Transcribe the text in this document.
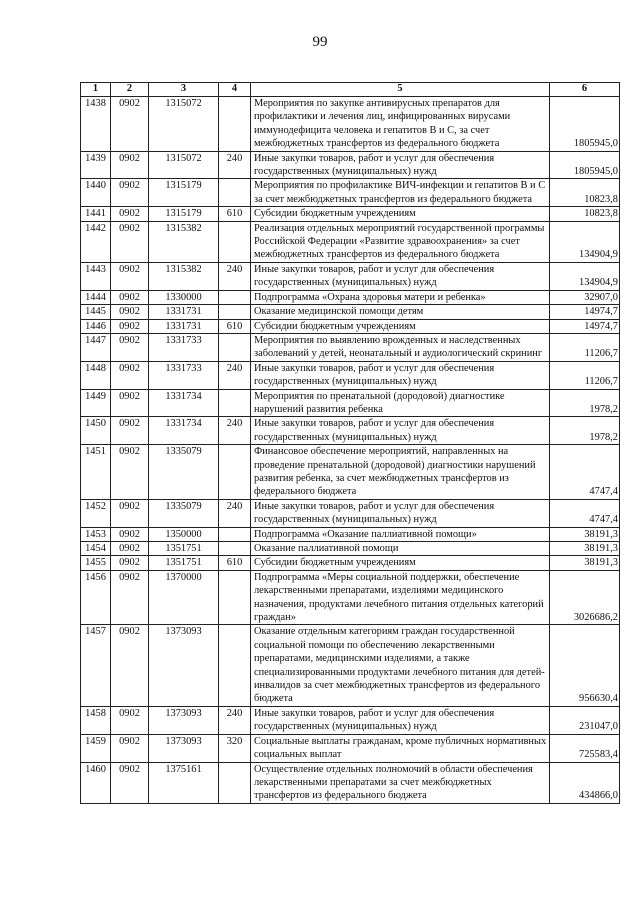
99
1	2	3	4	5	6
1438	0902	1315072		Мероприятия по закупке антивирусных препаратов для профилактики и лечения лиц, инфицированных вирусами иммунодефицита человека и гепатитов В и С, за счет межбюджетных трансфертов из федерального бюджета	1805945,0
1439	0902	1315072	240	Иные закупки товаров, работ и услуг для обеспечения государственных (муниципальных) нужд	1805945,0
1440	0902	1315179		Мероприятия по профилактике ВИЧ-инфекции и гепатитов В и С за счет межбюджетных трансфертов из федерального бюджета	10823,8
1441	0902	1315179	610	Субсидии бюджетным учреждениям	10823,8
1442	0902	1315382		Реализация отдельных мероприятий государственной программы Российской Федерации «Развитие здравоохранения» за счет межбюджетных трансфертов из федерального бюджета	134904,9
1443	0902	1315382	240	Иные закупки товаров, работ и услуг для обеспечения государственных (муниципальных) нужд	134904,9
1444	0902	1330000		Подпрограмма «Охрана здоровья матери и ребенка»	32907,0
1445	0902	1331731		Оказание медицинской помощи детям	14974,7
1446	0902	1331731	610	Субсидии бюджетным учреждениям	14974,7
1447	0902	1331733		Мероприятия по выявлению врожденных и наследственных заболеваний у детей, неонатальный и аудиологический скрининг	11206,7
1448	0902	1331733	240	Иные закупки товаров, работ и услуг для обеспечения государственных (муниципальных) нужд	11206,7
1449	0902	1331734		Мероприятия по пренатальной (дородовой) диагностике нарушений развития ребенка	1978,2
1450	0902	1331734	240	Иные закупки товаров, работ и услуг для обеспечения государственных (муниципальных) нужд	1978,2
1451	0902	1335079		Финансовое обеспечение мероприятий, направленных на проведение пренатальной (дородовой) диагностики нарушений развития ребенка, за счет межбюджетных трансфертов из федерального бюджета	4747,4
1452	0902	1335079	240	Иные закупки товаров, работ и услуг для обеспечения государственных (муниципальных) нужд	4747,4
1453	0902	1350000		Подпрограмма «Оказание паллиативной помощи»	38191,3
1454	0902	1351751		Оказание паллиативной помощи	38191,3
1455	0902	1351751	610	Субсидии бюджетным учреждениям	38191,3
1456	0902	1370000		Подпрограмма «Меры социальной поддержки, обеспечение лекарственными препаратами, изделиями медицинского назначения, продуктами лечебного питания отдельных категорий граждан»	3026686,2
1457	0902	1373093		Оказание отдельным категориям граждан государственной социальной помощи по обеспечению лекарственными препаратами, медицинскими изделиями, а также специализированными продуктами лечебного питания для детей-инвалидов за счет межбюджетных трансфертов из федерального бюджета	956630,4
1458	0902	1373093	240	Иные закупки товаров, работ и услуг для обеспечения государственных (муниципальных) нужд	231047,0
1459	0902	1373093	320	Социальные выплаты гражданам, кроме публичных нормативных социальных выплат	725583,4
1460	0902	1375161		Осуществление отдельных полномочий в области обеспечения лекарственными препаратами за счет межбюджетных трансфертов из федерального бюджета	434866,0
